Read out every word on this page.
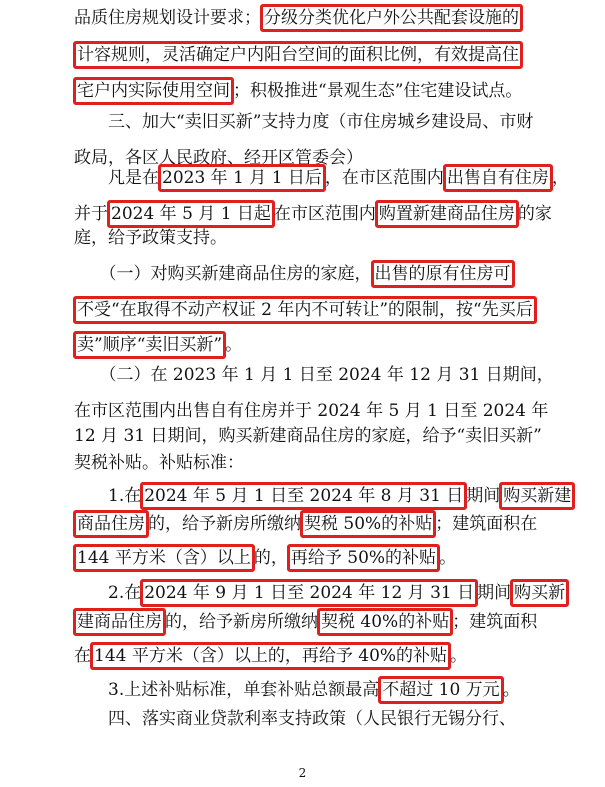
2
品质住房规划设计要求； 分级分类优化户外公共配套设施的
计容规则，灵活确定户内阳台空间的面积比例，有效提高住
宅户内实际使用空间 ；积极推进“景观生态”住宅建设试点。
　　三、加大“卖旧买新”支持力度（市住房城乡建设局、市财
政局，各区人民政府、经开区管委会）
　　凡是在 2023 年 1 月 1 日后 ，在市区范围内 出售自有住房 ，
并于 2024 年 5 月 1 日起 在市区范围内 购置新建商品住房 的家
庭，给予政策支持。
　　（一）对购买新建商品住房的家庭， 出售的原有住房可
不受“在取得不动产权证 2 年内不可转让”的限制，按“先买后
卖”顺序“卖旧买新” 。
　　（二）在 2023 年 1 月 1 日至 2024 年 12 月 31 日期间，
在市区范围内出售自有住房并于 2024 年 5 月 1 日至 2024 年
12 月 31 日期间，购买新建商品住房的家庭，给予“卖旧买新”
契税补贴。补贴标准：
　　1.在 2024 年 5 月 1 日至 2024 年 8 月 31 日 期间 购买新建
商品住房 的，给予新房所缴纳 契税 50%的补贴 ；建筑面积在
144 平方米（含）以上 的， 再给予 50%的补贴 。
　　2.在 2024 年 9 月 1 日至 2024 年 12 月 31 日 期间 购买新
建商品住房 的，给予新房所缴纳 契税 40%的补贴 ；建筑面积
在 144 平方米（含）以上的，再给予 40%的补贴 。
　　3.上述补贴标准，单套补贴总额最高 不超过 10 万元 。
　　四、落实商业贷款利率支持政策（人民银行无锡分行、
